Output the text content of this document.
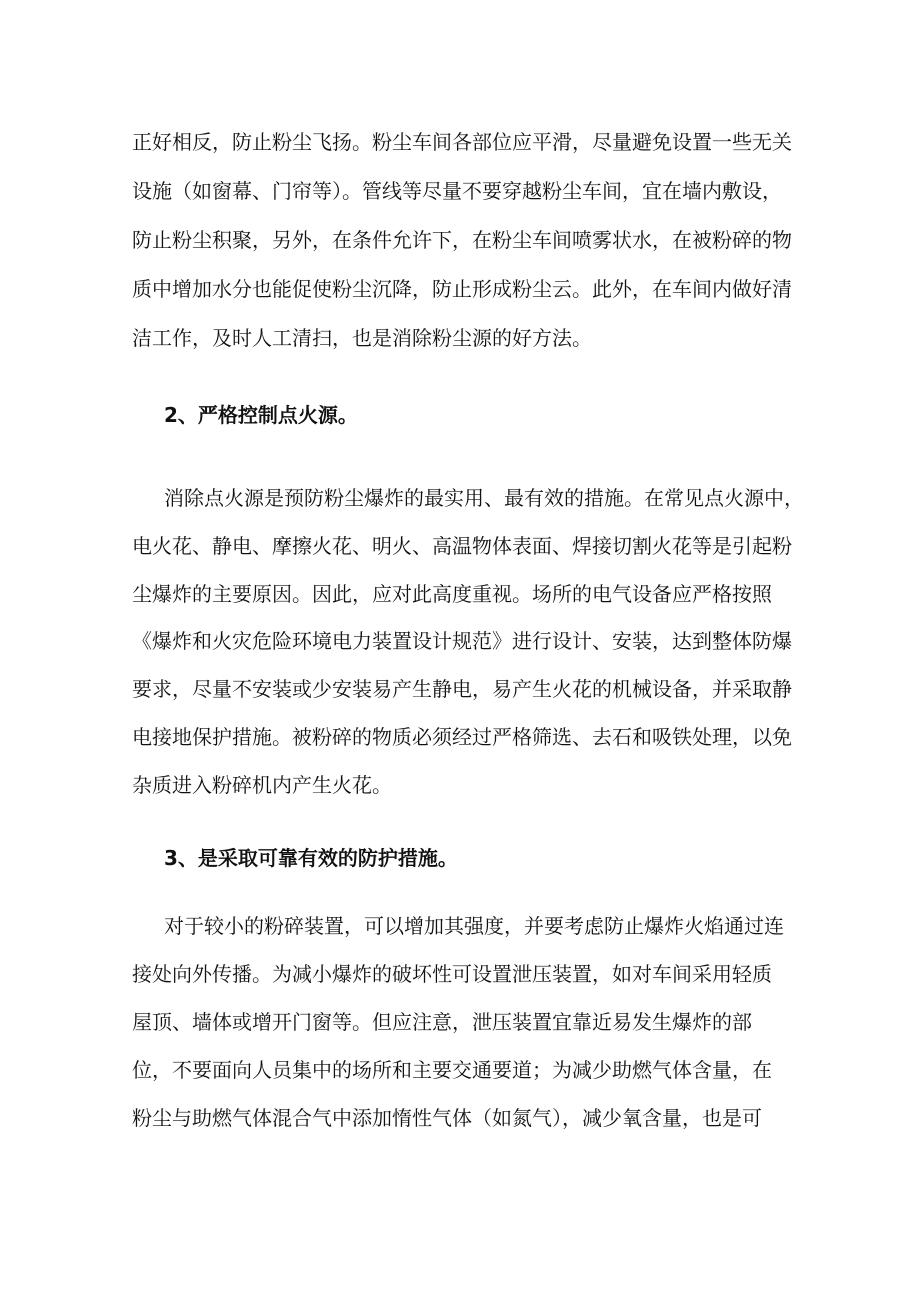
正好相反，防止粉尘飞扬。粉尘车间各部位应平滑，尽量避免设置一些无关
设施（如窗幕、门帘等）。管线等尽量不要穿越粉尘车间，宜在墙内敷设，
防止粉尘积聚，另外，在条件允许下，在粉尘车间喷雾状水，在被粉碎的物
质中增加水分也能促使粉尘沉降，防止形成粉尘云。此外，在车间内做好清
洁工作，及时人工清扫，也是消除粉尘源的好方法。
2、严格控制点火源。
消除点火源是预防粉尘爆炸的最实用、最有效的措施。在常见点火源中，
电火花、静电、摩擦火花、明火、高温物体表面、焊接切割火花等是引起粉
尘爆炸的主要原因。因此，应对此高度重视。场所的电气设备应严格按照
《爆炸和火灾危险环境电力装置设计规范》进行设计、安装，达到整体防爆
要求，尽量不安装或少安装易产生静电，易产生火花的机械设备，并采取静
电接地保护措施。被粉碎的物质必须经过严格筛选、去石和吸铁处理，以免
杂质进入粉碎机内产生火花。
3、是采取可靠有效的防护措施。
对于较小的粉碎装置，可以增加其强度，并要考虑防止爆炸火焰通过连
接处向外传播。为减小爆炸的破坏性可设置泄压装置，如对车间采用轻质
屋顶、墙体或增开门窗等。但应注意，泄压装置宜靠近易发生爆炸的部
位，不要面向人员集中的场所和主要交通要道；为减少助燃气体含量，在
粉尘与助燃气体混合气中添加惰性气体（如氮气），减少氧含量，也是可
